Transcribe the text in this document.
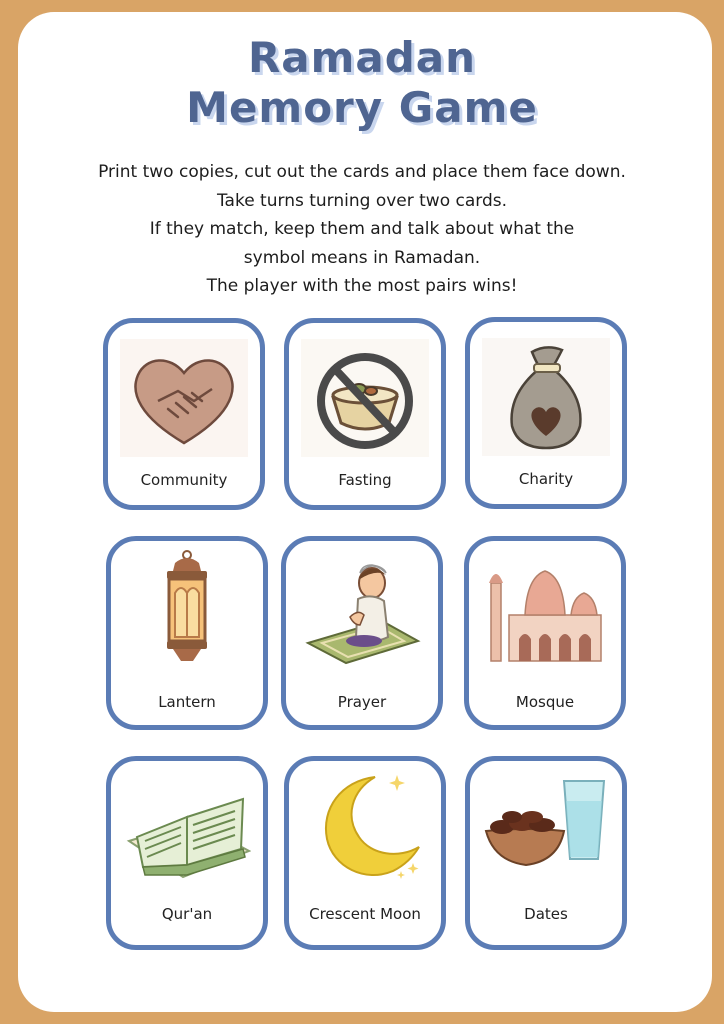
Ramadan
Memory Game
Print two copies, cut out the cards and place them face down.
Take turns turning over two cards.
If they match, keep them and talk about what the
symbol means in Ramadan.
The player with the most pairs wins!
Community	Fasting	Charity
Lantern	Prayer	Mosque
Qur'an	Crescent Moon	Dates
